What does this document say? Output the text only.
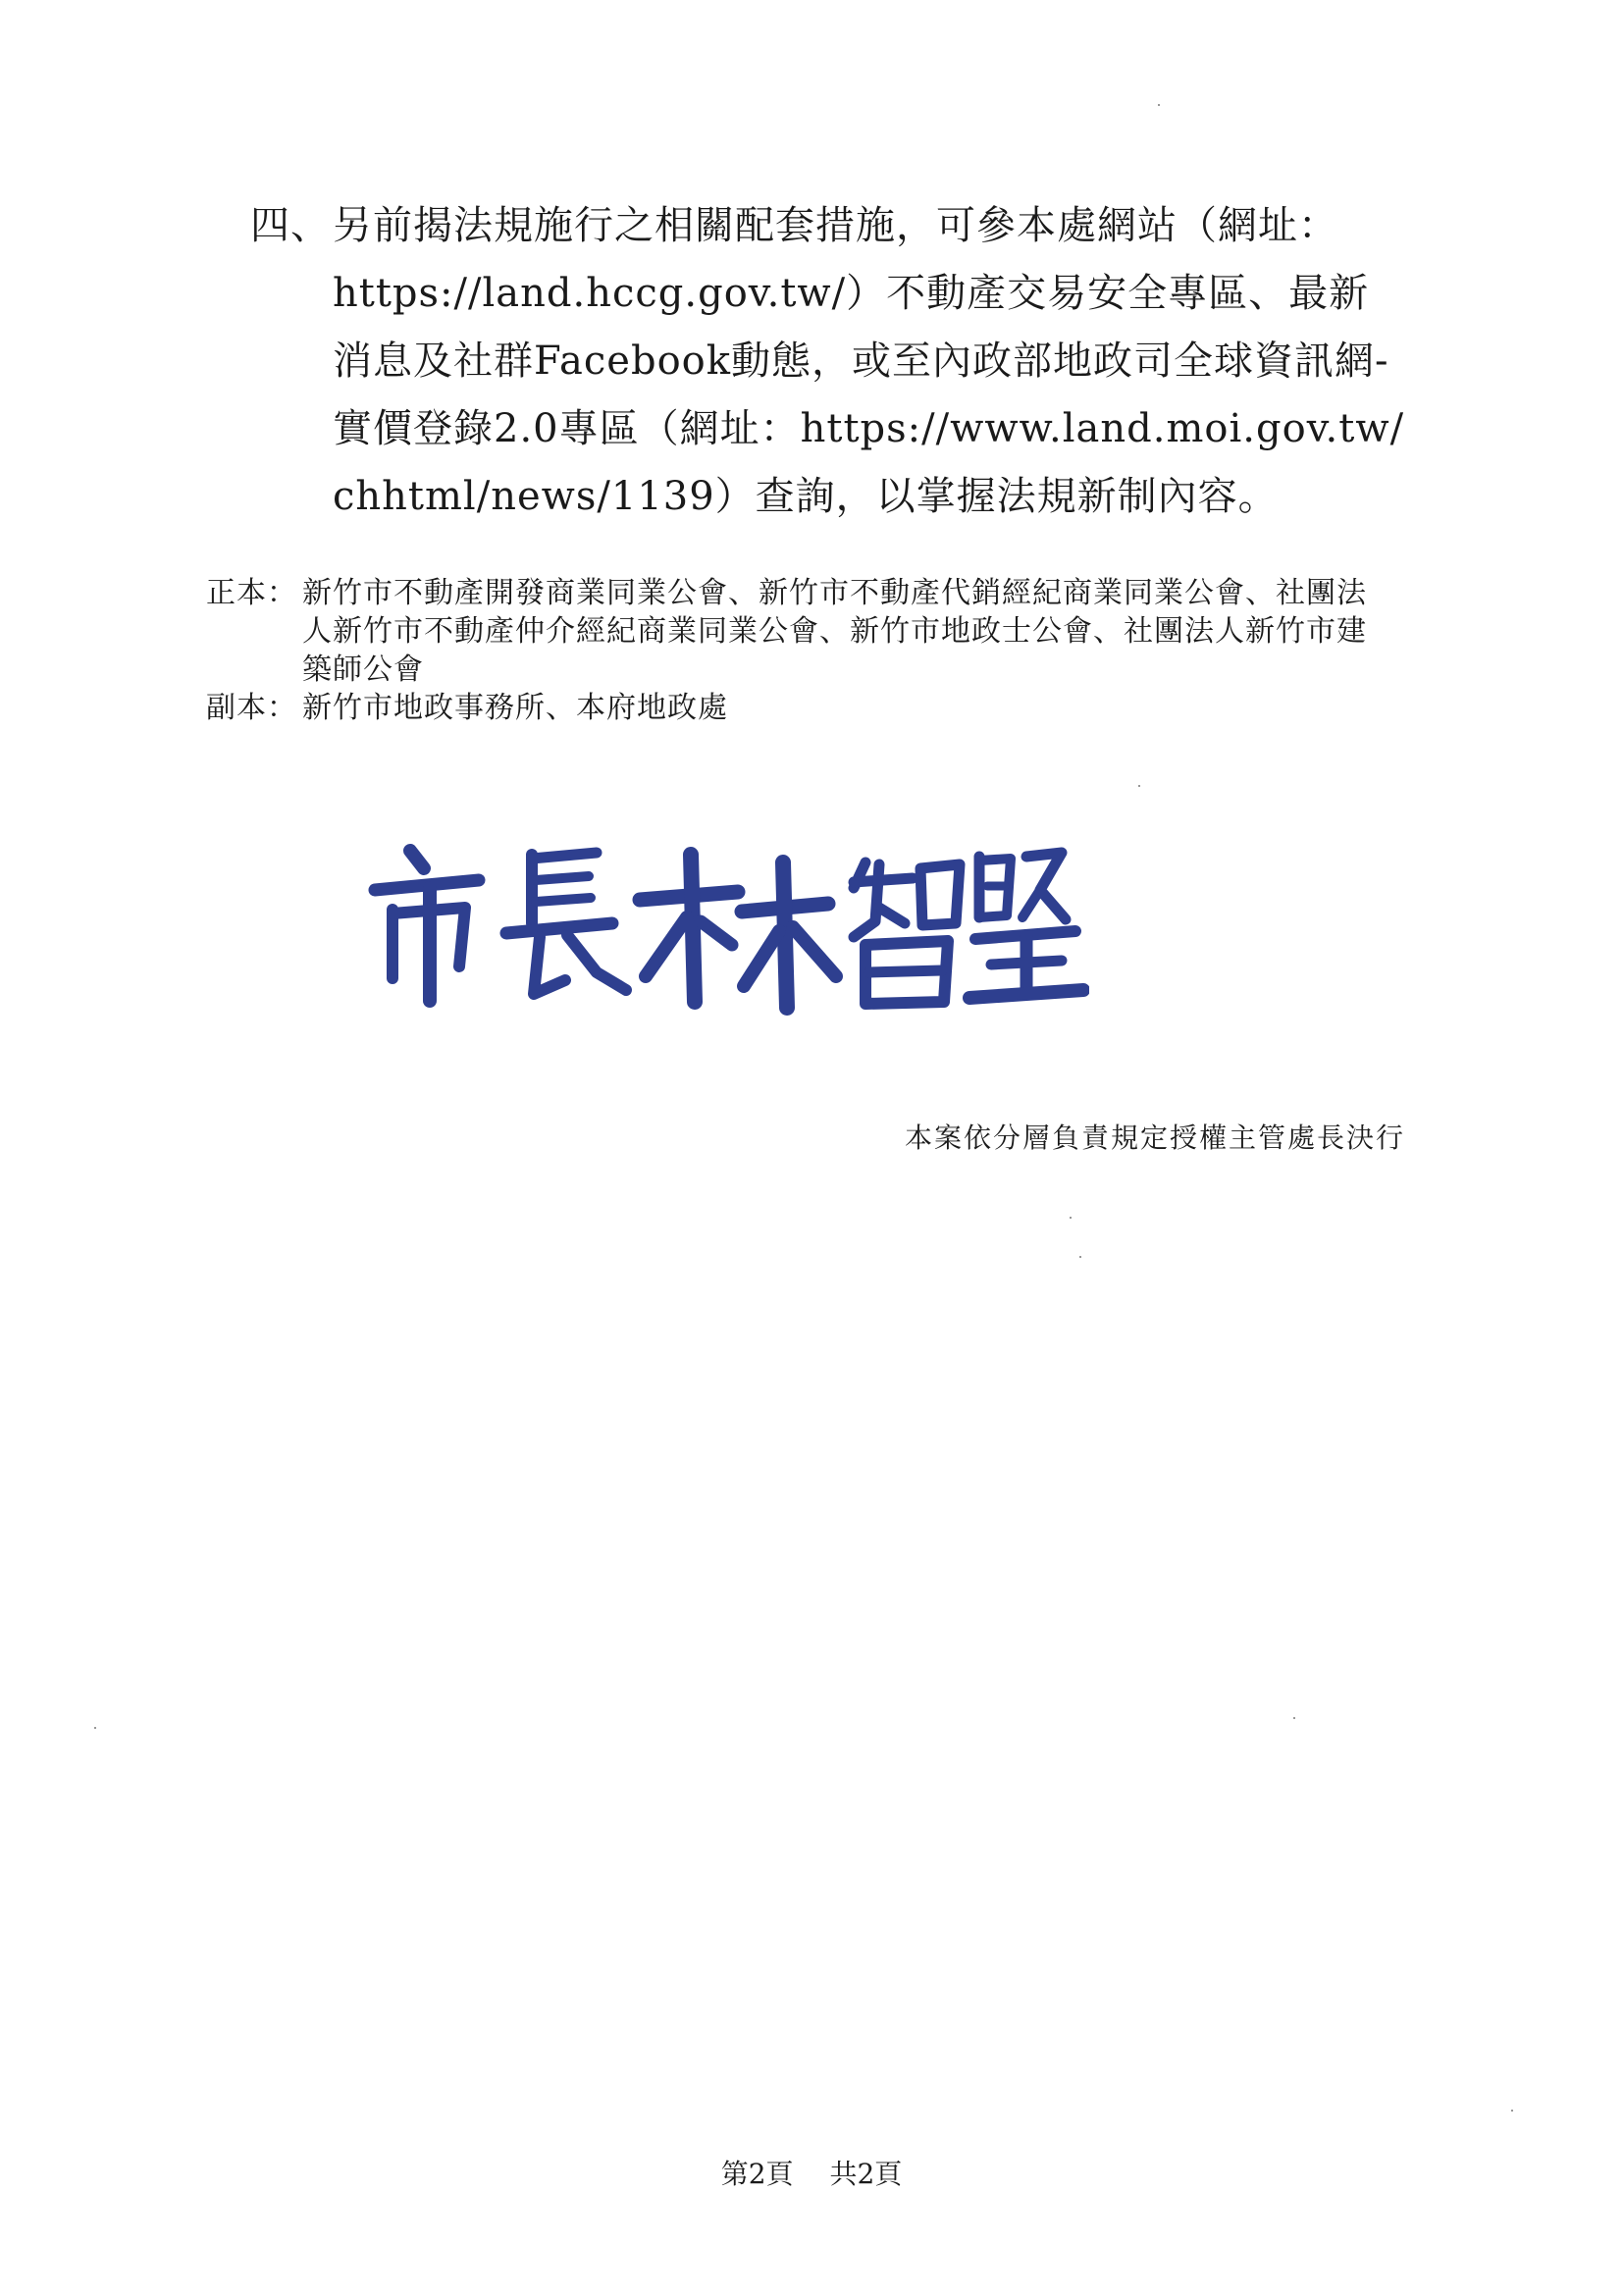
四、 另前揭法規施行之相關配套措施，可參本處網站（網址：
https://land.hccg.gov.tw/）不動產交易安全專區、最新
消息及社群Facebook動態，或至內政部地政司全球資訊網-
實價登錄2.0專區（網址：https://www.land.moi.gov.tw/
chhtml/news/1139）查詢，以掌握法規新制內容。
正本： 新竹市不動產開發商業同業公會、新竹市不動產代銷經紀商業同業公會、社團法
人新竹市不動產仲介經紀商業同業公會、新竹市地政士公會、社團法人新竹市建
築師公會
副本： 新竹市地政事務所、本府地政處
本案依分層負責規定授權主管處長決行
第2頁 共2頁
